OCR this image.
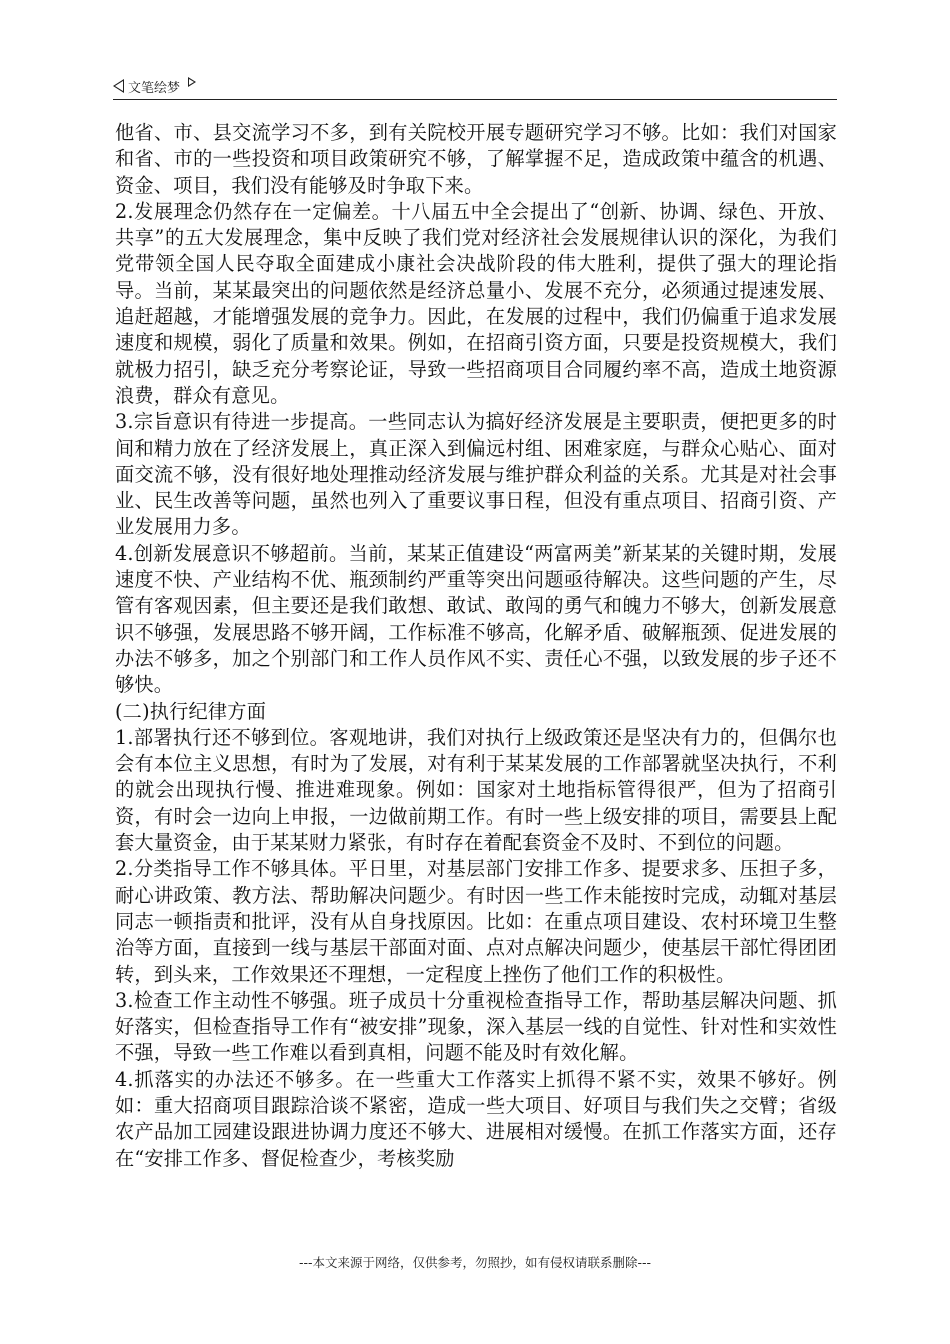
文笔绘梦

他省、市、县交流学习不多，到有关院校开展专题研究学习不够。比如：我们对国家和省、市的一些投资和项目政策研究不够，了解掌握不足，造成政策中蕴含的机遇、资金、项目，我们没有能够及时争取下来。

2.发展理念仍然存在一定偏差。十八届五中全会提出了“创新、协调、绿色、开放、共享”的五大发展理念，集中反映了我们党对经济社会发展规律认识的深化，为我们党带领全国人民夺取全面建成小康社会决战阶段的伟大胜利，提供了强大的理论指导。当前，某某最突出的问题依然是经济总量小、发展不充分，必须通过提速发展、追赶超越，才能增强发展的竞争力。因此，在发展的过程中，我们仍偏重于追求发展速度和规模，弱化了质量和效果。例如，在招商引资方面，只要是投资规模大，我们就极力招引，缺乏充分考察论证，导致一些招商项目合同履约率不高，造成土地资源浪费，群众有意见。

3.宗旨意识有待进一步提高。一些同志认为搞好经济发展是主要职责，便把更多的时间和精力放在了经济发展上，真正深入到偏远村组、困难家庭，与群众心贴心、面对面交流不够，没有很好地处理推动经济发展与维护群众利益的关系。尤其是对社会事业、民生改善等问题，虽然也列入了重要议事日程，但没有重点项目、招商引资、产业发展用力多。

4.创新发展意识不够超前。当前，某某正值建设“两富两美”新某某的关键时期，发展速度不快、产业结构不优、瓶颈制约严重等突出问题亟待解决。这些问题的产生，尽管有客观因素，但主要还是我们敢想、敢试、敢闯的勇气和魄力不够大，创新发展意识不够强，发展思路不够开阔，工作标准不够高，化解矛盾、破解瓶颈、促进发展的办法不够多，加之个别部门和工作人员作风不实、责任心不强，以致发展的步子还不够快。

(二)执行纪律方面

1.部署执行还不够到位。客观地讲，我们对执行上级政策还是坚决有力的，但偶尔也会有本位主义思想，有时为了发展，对有利于某某发展的工作部署就坚决执行，不利的就会出现执行慢、推进难现象。例如：国家对土地指标管得很严，但为了招商引资，有时会一边向上申报，一边做前期工作。有时一些上级安排的项目，需要县上配套大量资金，由于某某财力紧张，有时存在着配套资金不及时、不到位的问题。

2.分类指导工作不够具体。平日里，对基层部门安排工作多、提要求多、压担子多，耐心讲政策、教方法、帮助解决问题少。有时因一些工作未能按时完成，动辄对基层同志一顿指责和批评，没有从自身找原因。比如：在重点项目建设、农村环境卫生整治等方面，直接到一线与基层干部面对面、点对点解决问题少，使基层干部忙得团团转，到头来，工作效果还不理想，一定程度上挫伤了他们工作的积极性。

3.检查工作主动性不够强。班子成员十分重视检查指导工作，帮助基层解决问题、抓好落实，但检查指导工作有“被安排”现象，深入基层一线的自觉性、针对性和实效性不强，导致一些工作难以看到真相，问题不能及时有效化解。

4.抓落实的办法还不够多。在一些重大工作落实上抓得不紧不实，效果不够好。例如：重大招商项目跟踪洽谈不紧密，造成一些大项目、好项目与我们失之交臂；省级农产品加工园建设跟进协调力度还不够大、进展相对缓慢。在抓工作落实方面，还存在“安排工作多、督促检查少，考核奖励

---本文来源于网络，仅供参考，勿照抄，如有侵权请联系删除---
